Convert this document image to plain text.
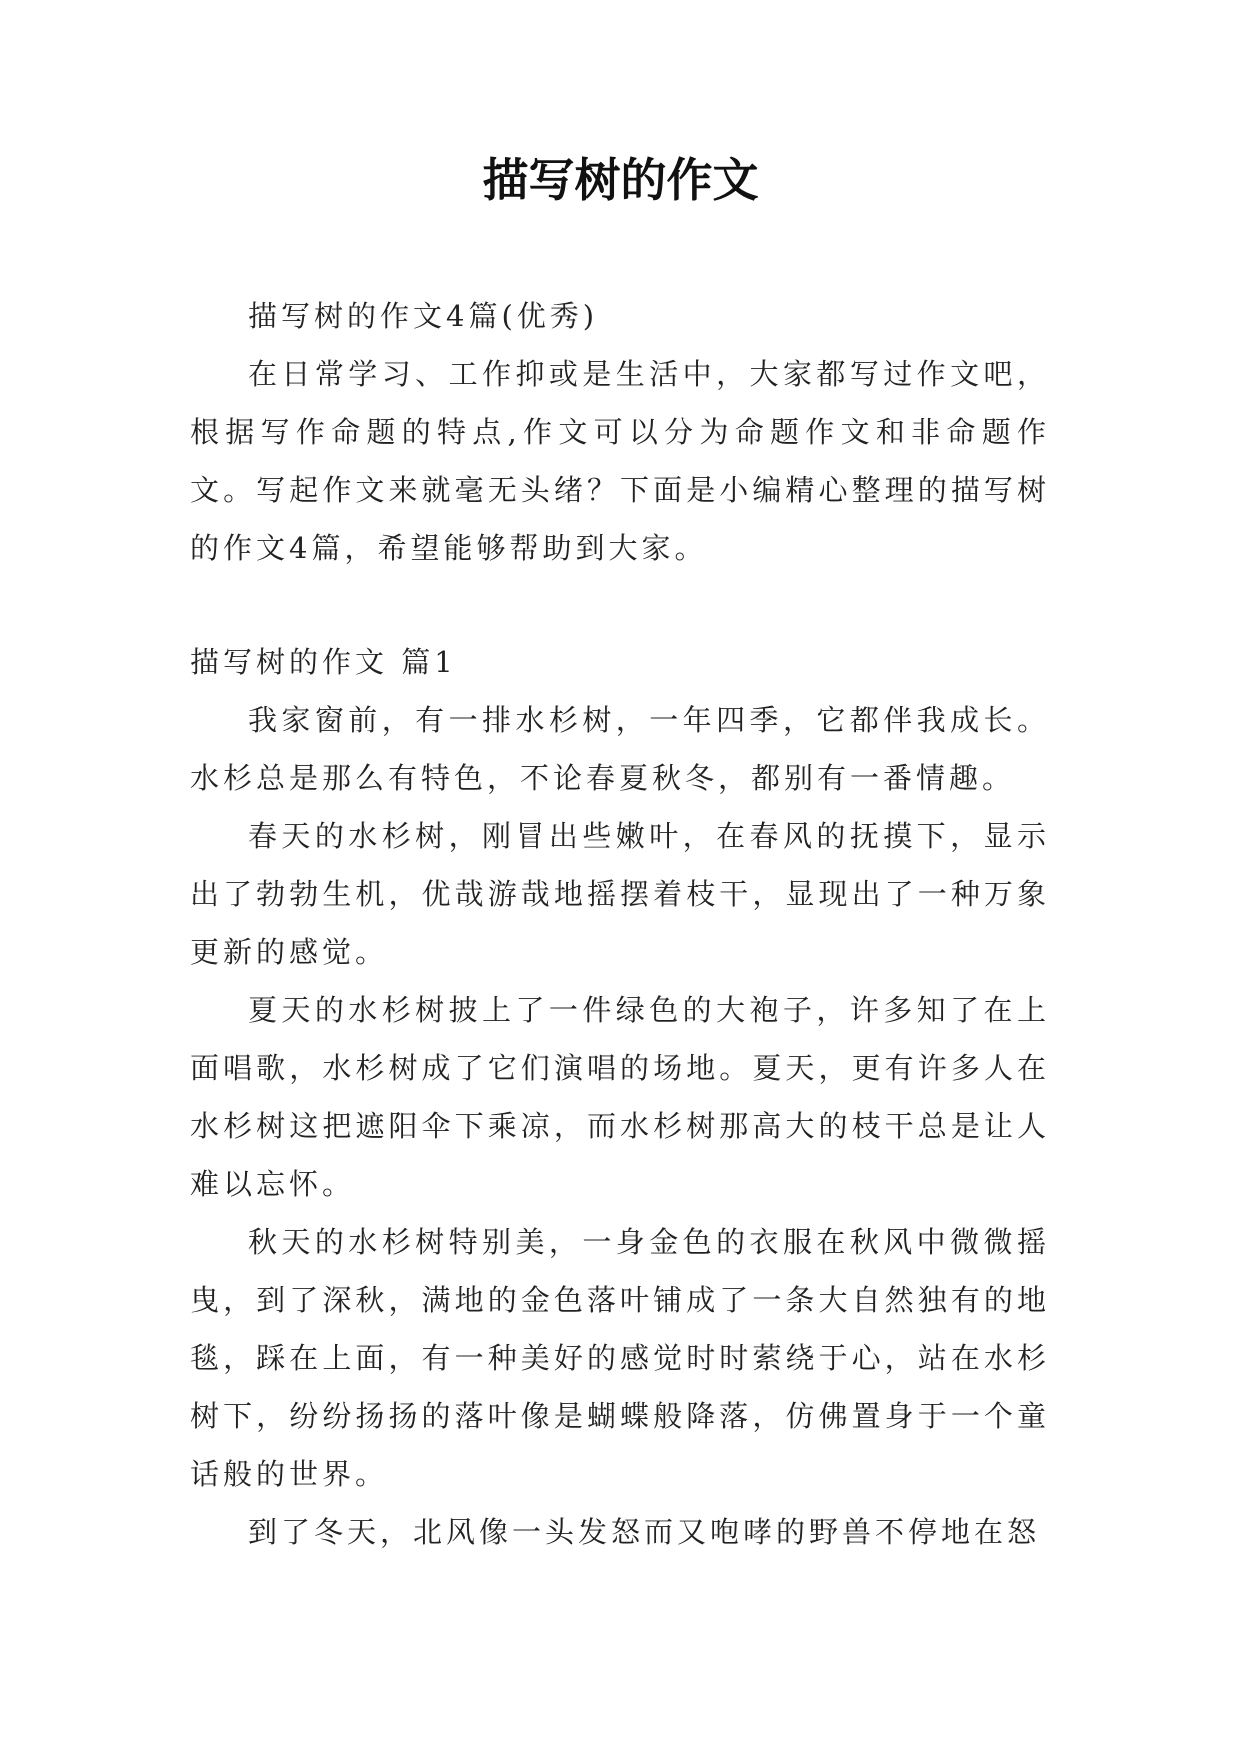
描写树的作文

描写树的作文4篇(优秀)

在日常学习、工作抑或是生活中，大家都写过作文吧，根据写作命题的特点,作文可以分为命题作文和非命题作文。写起作文来就毫无头绪？下面是小编精心整理的描写树的作文4篇，希望能够帮助到大家。

描写树的作文 篇1

我家窗前，有一排水杉树，一年四季，它都伴我成长。水杉总是那么有特色，不论春夏秋冬，都别有一番情趣。

春天的水杉树，刚冒出些嫩叶，在春风的抚摸下，显示出了勃勃生机，优哉游哉地摇摆着枝干，显现出了一种万象更新的感觉。

夏天的水杉树披上了一件绿色的大袍子，许多知了在上面唱歌，水杉树成了它们演唱的场地。夏天，更有许多人在水杉树这把遮阳伞下乘凉，而水杉树那高大的枝干总是让人难以忘怀。

秋天的水杉树特别美，一身金色的衣服在秋风中微微摇曳，到了深秋，满地的金色落叶铺成了一条大自然独有的地毯，踩在上面，有一种美好的感觉时时萦绕于心，站在水杉树下，纷纷扬扬的落叶像是蝴蝶般降落，仿佛置身于一个童话般的世界。

到了冬天，北风像一头发怒而又咆哮的野兽不停地在怒
